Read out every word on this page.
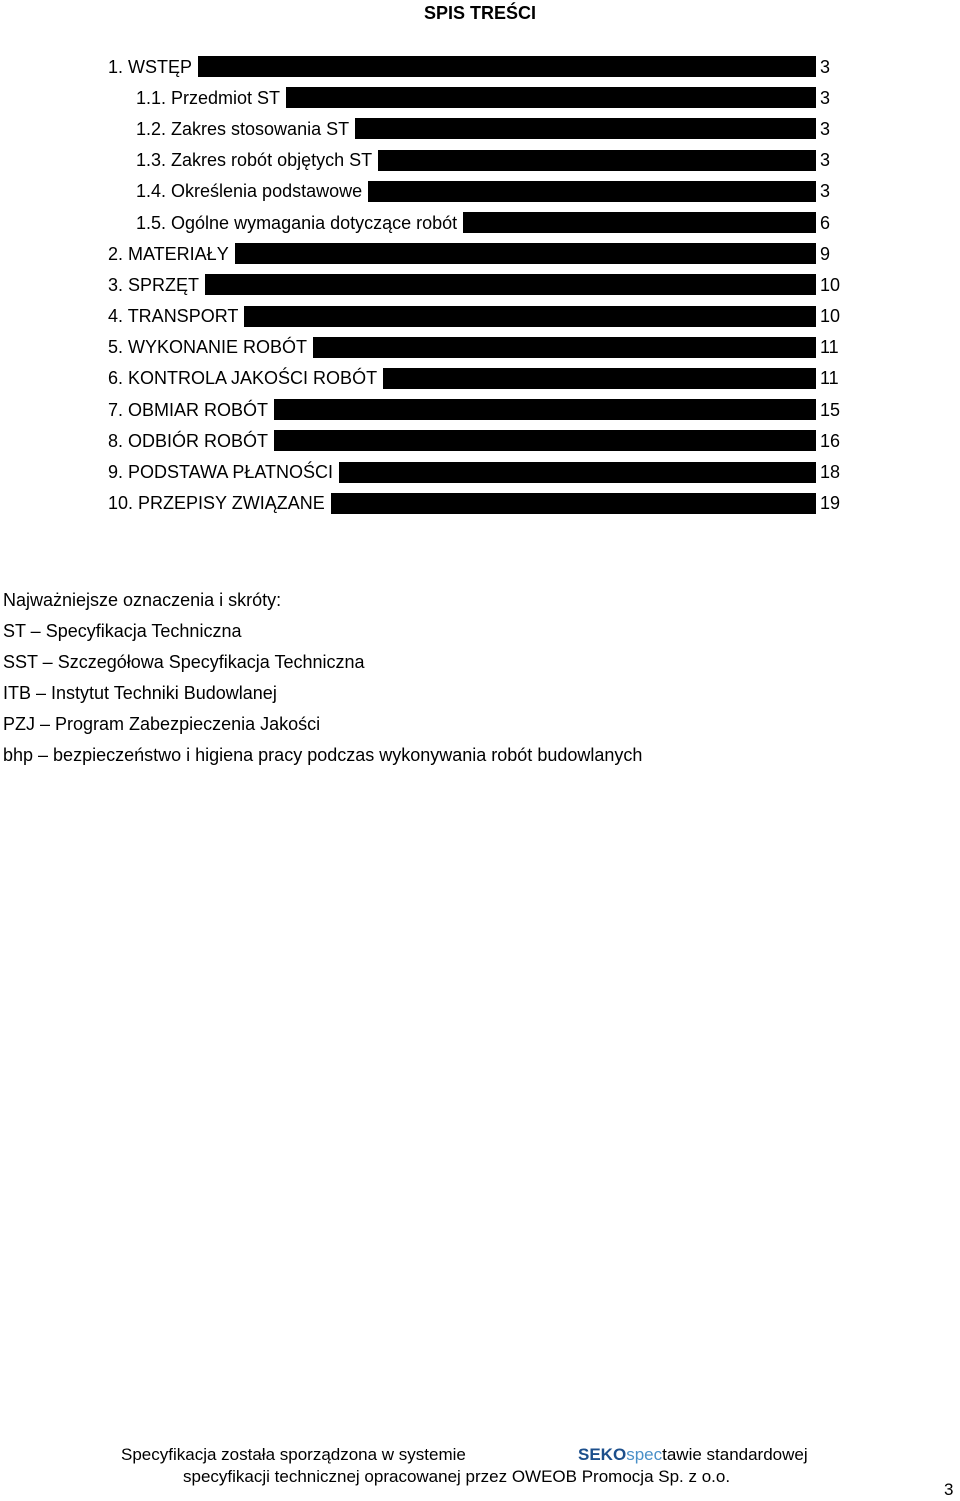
SPIS TREŚCI
1. WSTĘP	3
1.1. Przedmiot ST	3
1.2. Zakres stosowania ST	3
1.3. Zakres robót objętych ST	3
1.4. Określenia podstawowe	3
1.5. Ogólne wymagania dotyczące robót	6
2. MATERIAŁY	9
3. SPRZĘT	10
4. TRANSPORT	10
5. WYKONANIE ROBÓT	11
6. KONTROLA JAKOŚCI ROBÓT	11
7. OBMIAR ROBÓT	15
8. ODBIÓR ROBÓT	16
9. PODSTAWA PŁATNOŚCI	18
10. PRZEPISY ZWIĄZANE	19
Najważniejsze oznaczenia i skróty:
ST – Specyfikacja Techniczna
SST – Szczegółowa Specyfikacja Techniczna
ITB – Instytut Techniki Budowlanej
PZJ – Program Zabezpieczenia Jakości
bhp – bezpieczeństwo i higiena pracy podczas wykonywania robót budowlanych
Specyfikacja została sporządzona w systemie	SEKOspectawie standardowej
specyfikacji technicznej opracowanej przez OWEOB Promocja Sp. z o.o.
3
